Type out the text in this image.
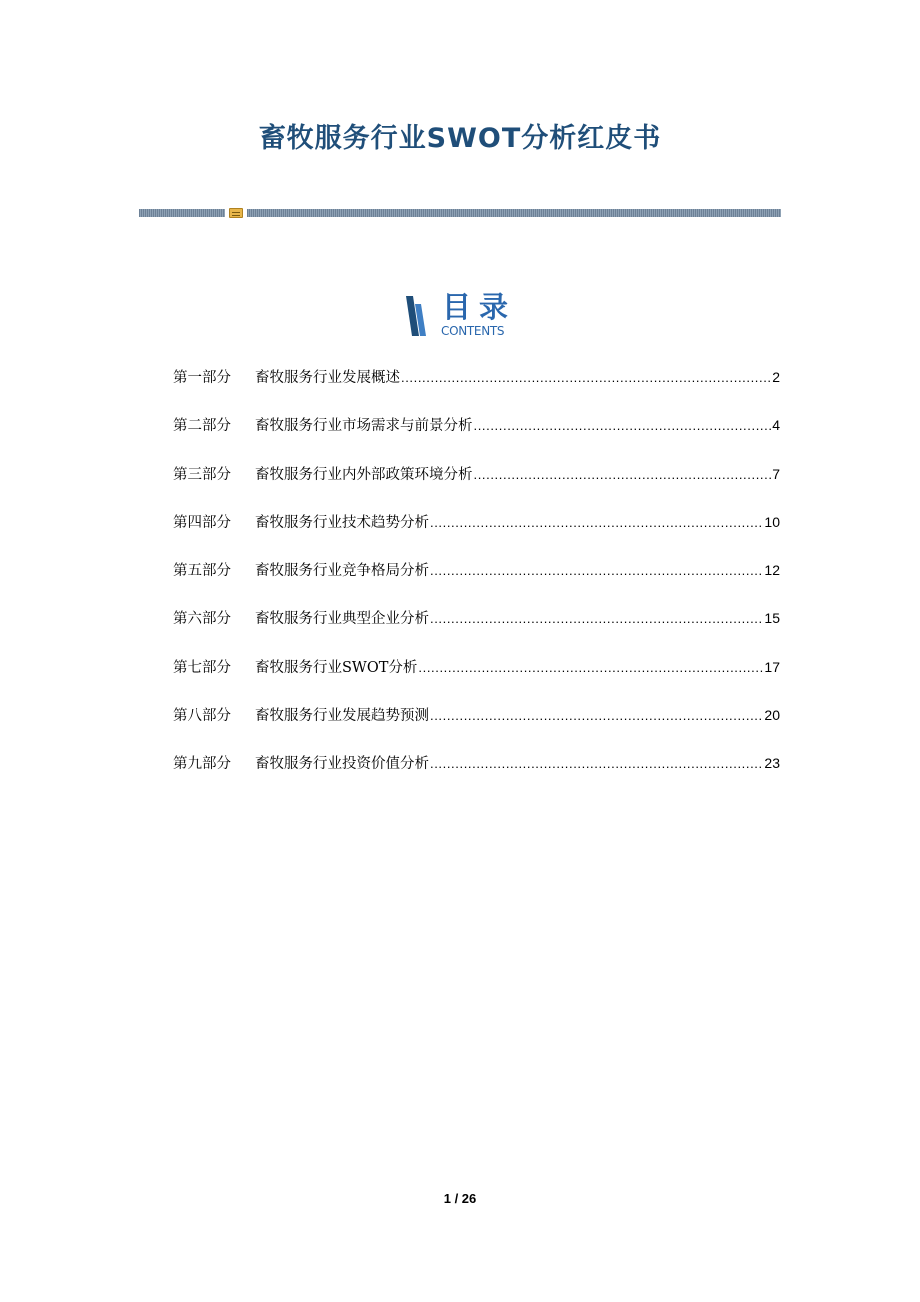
畜牧服务行业SWOT分析红皮书
目录
CONTENTS
第一部分	畜牧服务行业发展概述 .....	2
第二部分	畜牧服务行业市场需求与前景分析 .....	4
第三部分	畜牧服务行业内外部政策环境分析 .....	7
第四部分	畜牧服务行业技术趋势分析 .....	10
第五部分	畜牧服务行业竞争格局分析 .....	12
第六部分	畜牧服务行业典型企业分析 .....	15
第七部分	畜牧服务行业SWOT分析 .....	17
第八部分	畜牧服务行业发展趋势预测 .....	20
第九部分	畜牧服务行业投资价值分析 .....	23
1 / 26
